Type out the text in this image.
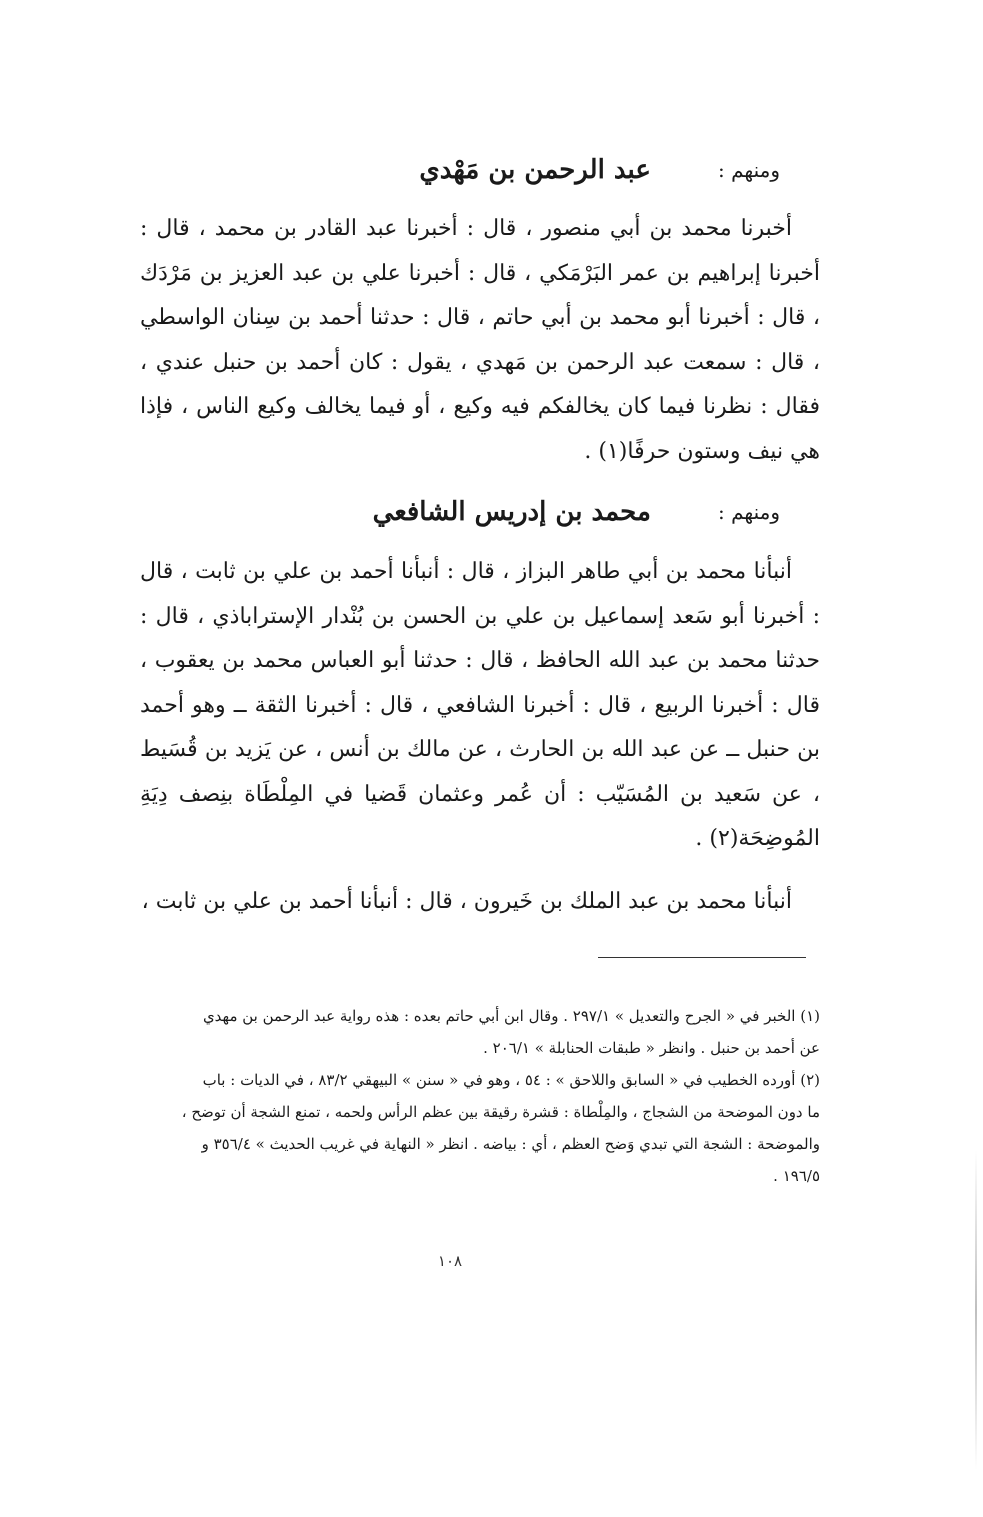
ومنهم : عبد الرحمن بن مَهْدي

أخبرنا محمد بن أبي منصور ، قال : أخبرنا عبد القادر بن محمد ، قال : أخبرنا إبراهيم بن عمر البَرْمَكي ، قال : أخبرنا علي بن عبد العزيز بن مَرْدَك ، قال : أخبرنا أبو محمد بن أبي حاتم ، قال : حدثنا أحمد بن سِنان الواسطي ، قال : سمعت عبد الرحمن بن مَهدي ، يقول : كان أحمد بن حنبل عندي ، فقال : نظرنا فيما كان يخالفكم فيه وكيع ، أو فيما يخالف وكيع الناس ، فإذا هي نيف وستون حرفًا(١) .

ومنهم : محمد بن إدريس الشافعي

أنبأنا محمد بن أبي طاهر البزاز ، قال : أنبأنا أحمد بن علي بن ثابت ، قال : أخبرنا أبو سَعد إسماعيل بن علي بن الحسن بن بُنْدار الإستراباذي ، قال : حدثنا محمد بن عبد الله الحافظ ، قال : حدثنا أبو العباس محمد بن يعقوب ، قال : أخبرنا الربيع ، قال : أخبرنا الشافعي ، قال : أخبرنا الثقة ــ وهو أحمد بن حنبل ــ عن عبد الله بن الحارث ، عن مالك بن أنس ، عن يَزيد بن قُسَيط ، عن سَعيد بن المُسَيّب : أن عُمر وعثمان قَضيا في المِلْطَاة بنِصف دِيَةِ المُوضِحَة(٢) .

أنبأنا محمد بن عبد الملك بن خَيرون ، قال : أنبأنا أحمد بن علي بن ثابت ،

(١) الخبر في « الجرح والتعديل » ٢٩٧/١ . وقال ابن أبي حاتم بعده : هذه رواية عبد الرحمن بن مهدي

عن أحمد بن حنبل . وانظر « طبقات الحنابلة » ٢٠٦/١ .

(٢) أورده الخطيب في « السابق واللاحق » : ٥٤ ، وهو في « سنن » البيهقي ٨٣/٢ ، في الديات : باب

ما دون الموضحة من الشجاج ، والمِلْطاة : قشرة رقيقة بين عظم الرأس ولحمه ، تمنع الشجة أن توضح ،

والموضحة : الشجة التي تبدي وَضح العظم ، أي : بياضه . انظر « النهاية في غريب الحديث » ٣٥٦/٤ و

١٩٦/٥ .

١٠٨
